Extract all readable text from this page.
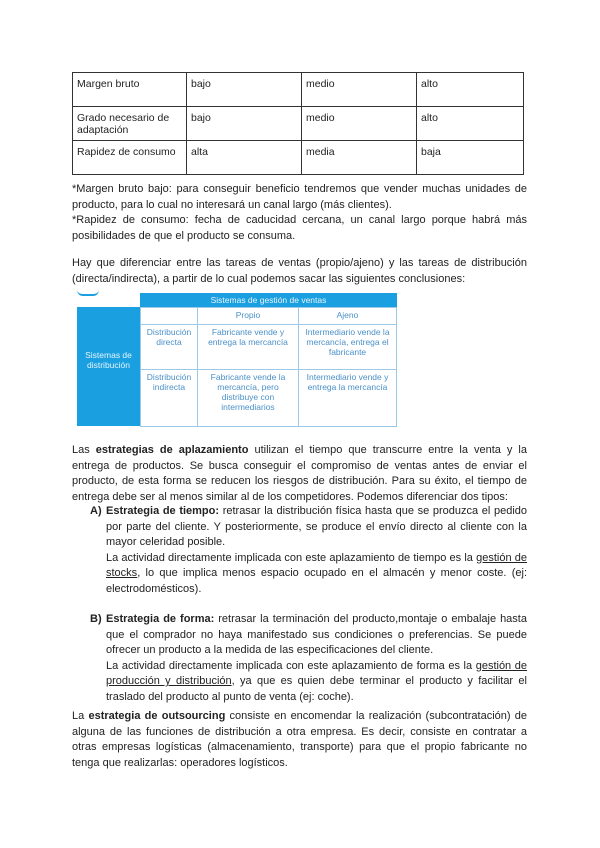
Margen bruto	bajo	medio	alto
Grado necesario de adaptación	bajo	medio	alto
Rapidez de consumo	alta	media	baja
*Margen bruto bajo: para conseguir beneficio tendremos que vender muchas unidades de producto, para lo cual no interesará un canal largo (más clientes).
*Rapidez de consumo: fecha de caducidad cercana, un canal largo porque habrá más posibilidades de que el producto se consuma.
Hay que diferenciar entre las tareas de ventas (propio/ajeno) y las tareas de distribución (directa/indirecta), a partir de lo cual podemos sacar las siguientes conclusiones:
Sistemas de gestión de ventas
Sistemas de distribución
	Propio	Ajeno
Distribución directa	Fabricante vende y entrega la mercancía	Intermediario vende la mercancía, entrega el fabricante
Distribución indirecta	Fabricante vende la mercancía, pero distribuye con intermediarios	Intermediario vende y entrega la mercancía
Las estrategias de aplazamiento utilizan el tiempo que transcurre entre la venta y la entrega de productos. Se busca conseguir el compromiso de ventas antes de enviar el producto, de esta forma se reducen los riesgos de distribución. Para su éxito, el tiempo de entrega debe ser al menos similar al de los competidores. Podemos diferenciar dos tipos:
A) Estrategia de tiempo: retrasar la distribución física hasta que se produzca el pedido por parte del cliente. Y posteriormente, se produce el envío directo al cliente con la mayor celeridad posible.
La actividad directamente implicada con este aplazamiento de tiempo es la gestión de stocks, lo que implica menos espacio ocupado en el almacén y menor coste. (ej: electrodomésticos).
B) Estrategia de forma: retrasar la terminación del producto,montaje o embalaje hasta que el comprador no haya manifestado sus condiciones o preferencias. Se puede ofrecer un producto a la medida de las especificaciones del cliente.
La actividad directamente implicada con este aplazamiento de forma es la gestión de producción y distribución, ya que es quien debe terminar el producto y facilitar el traslado del producto al punto de venta (ej: coche).
La estrategia de outsourcing consiste en encomendar la realización (subcontratación) de alguna de las funciones de distribución a otra empresa. Es decir, consiste en contratar a otras empresas logísticas (almacenamiento, transporte) para que el propio fabricante no tenga que realizarlas: operadores logísticos.
